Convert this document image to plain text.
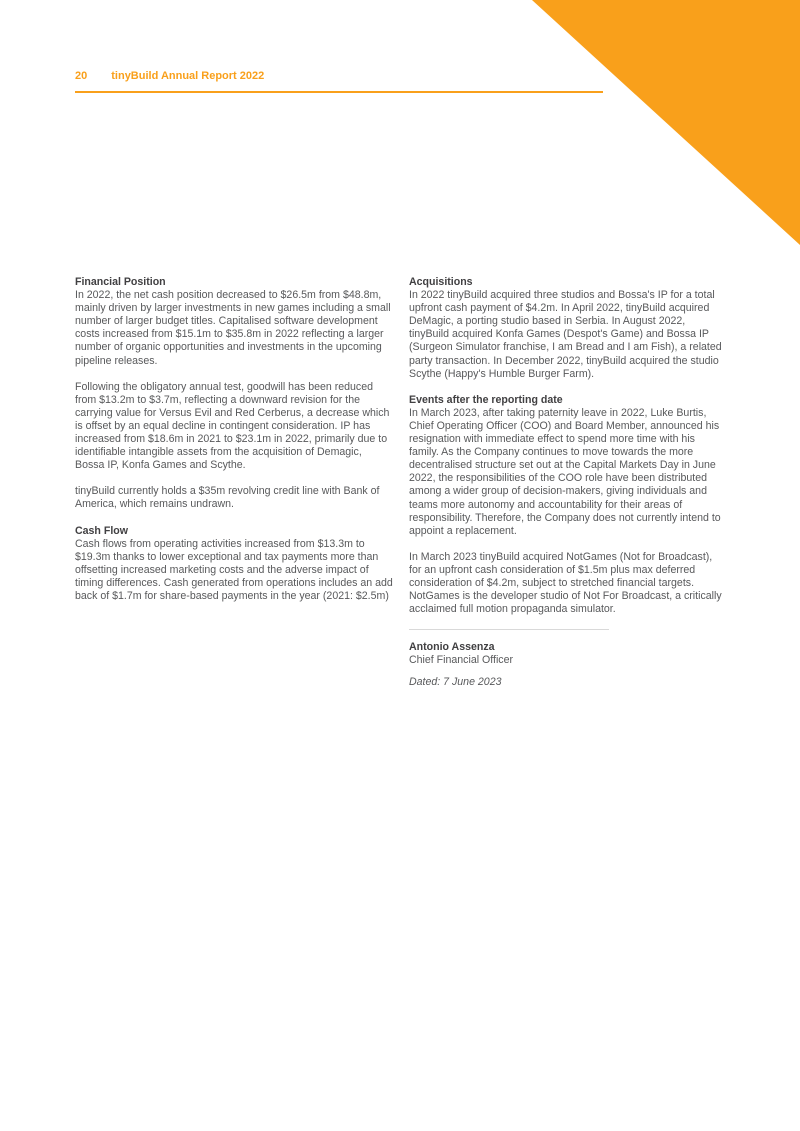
20 tinyBuild Annual Report 2022
Financial Position

In 2022, the net cash position decreased to $26.5m from $48.8m, mainly driven by larger investments in new games including a small number of larger budget titles. Capitalised software development costs increased from $15.1m to $35.8m in 2022 reflecting a larger number of organic opportunities and investments in the upcoming pipeline releases.

Following the obligatory annual test, goodwill has been reduced from $13.2m to $3.7m, reflecting a downward revision for the carrying value for Versus Evil and Red Cerberus, a decrease which is offset by an equal decline in contingent consideration. IP has increased from $18.6m in 2021 to $23.1m in 2022, primarily due to identifiable intangible assets from the acquisition of Demagic, Bossa IP, Konfa Games and Scythe.

tinyBuild currently holds a $35m revolving credit line with Bank of America, which remains undrawn.

Cash Flow

Cash flows from operating activities increased from $13.3m to $19.3m thanks to lower exceptional and tax payments more than offsetting increased marketing costs and the adverse impact of timing differences. Cash generated from operations includes an add back of $1.7m for share-based payments in the year (2021: $2.5m)

Acquisitions

In 2022 tinyBuild acquired three studios and Bossa's IP for a total upfront cash payment of $4.2m. In April 2022, tinyBuild acquired DeMagic, a porting studio based in Serbia. In August 2022, tinyBuild acquired Konfa Games (Despot's Game) and Bossa IP (Surgeon Simulator franchise, I am Bread and I am Fish), a related party transaction. In December 2022, tinyBuild acquired the studio Scythe (Happy's Humble Burger Farm).

Events after the reporting date

In March 2023, after taking paternity leave in 2022, Luke Burtis, Chief Operating Officer (COO) and Board Member, announced his resignation with immediate effect to spend more time with his family. As the Company continues to move towards the more decentralised structure set out at the Capital Markets Day in June 2022, the responsibilities of the COO role have been distributed among a wider group of decision-makers, giving individuals and teams more autonomy and accountability for their areas of responsibility. Therefore, the Company does not currently intend to appoint a replacement.

In March 2023 tinyBuild acquired NotGames (Not for Broadcast), for an upfront cash consideration of $1.5m plus max deferred consideration of $4.2m, subject to stretched financial targets. NotGames is the developer studio of Not For Broadcast, a critically acclaimed full motion propaganda simulator.

Antonio Assenza
Chief Financial Officer
Dated: 7 June 2023
